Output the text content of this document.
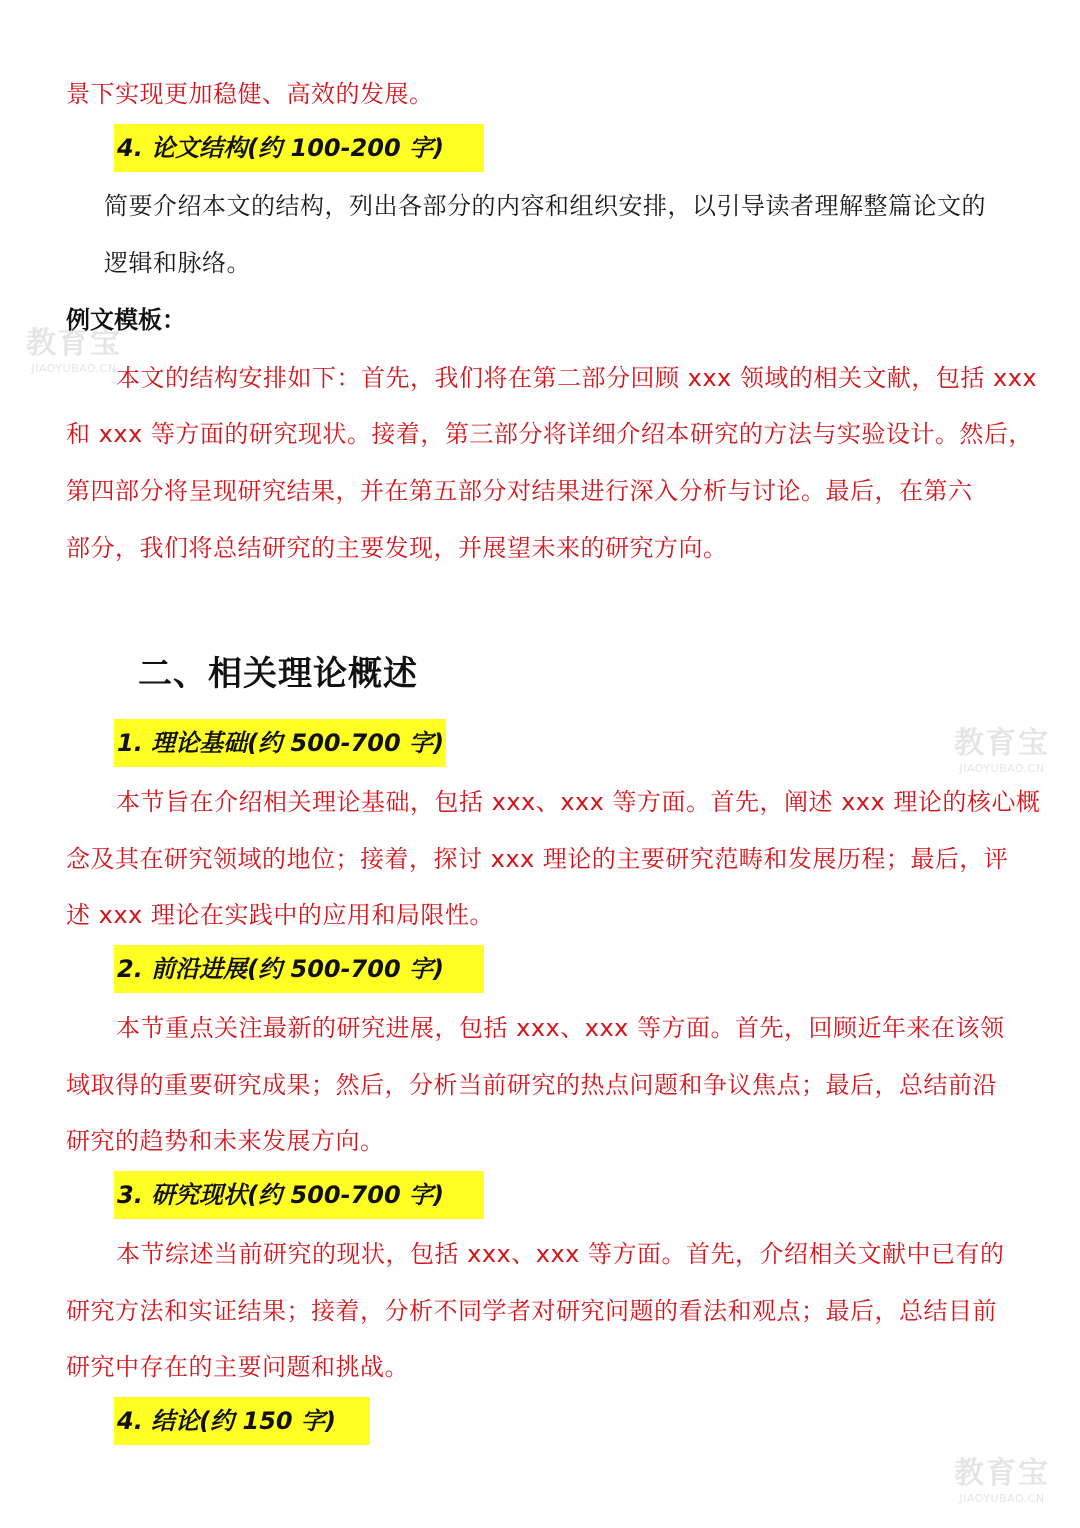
景下实现更加稳健、高效的发展。
4. 论文结构(约 100-200 字)
简要介绍本文的结构，列出各部分的内容和组织安排，以引导读者理解整篇论文的
逻辑和脉络。
例文模板：
本文的结构安排如下：首先，我们将在第二部分回顾 xxx 领域的相关文献，包括 xxx
和 xxx 等方面的研究现状。接着，第三部分将详细介绍本研究的方法与实验设计。然后，
第四部分将呈现研究结果，并在第五部分对结果进行深入分析与讨论。最后，在第六
部分，我们将总结研究的主要发现，并展望未来的研究方向。
二、相关理论概述
1. 理论基础(约 500-700 字)
本节旨在介绍相关理论基础，包括 xxx、xxx 等方面。首先，阐述 xxx 理论的核心概
念及其在研究领域的地位；接着，探讨 xxx 理论的主要研究范畴和发展历程；最后，评
述 xxx 理论在实践中的应用和局限性。
2. 前沿进展(约 500-700 字)
本节重点关注最新的研究进展，包括 xxx、xxx 等方面。首先，回顾近年来在该领
域取得的重要研究成果；然后，分析当前研究的热点问题和争议焦点；最后，总结前沿
研究的趋势和未来发展方向。
3. 研究现状(约 500-700 字)
本节综述当前研究的现状，包括 xxx、xxx 等方面。首先，介绍相关文献中已有的
研究方法和实证结果；接着，分析不同学者对研究问题的看法和观点；最后，总结目前
研究中存在的主要问题和挑战。
4. 结论(约 150 字)
教育宝
JIAOYUBAO.CN
教育宝
JIAOYUBAO.CN
教育宝
JIAOYUBAO.CN
